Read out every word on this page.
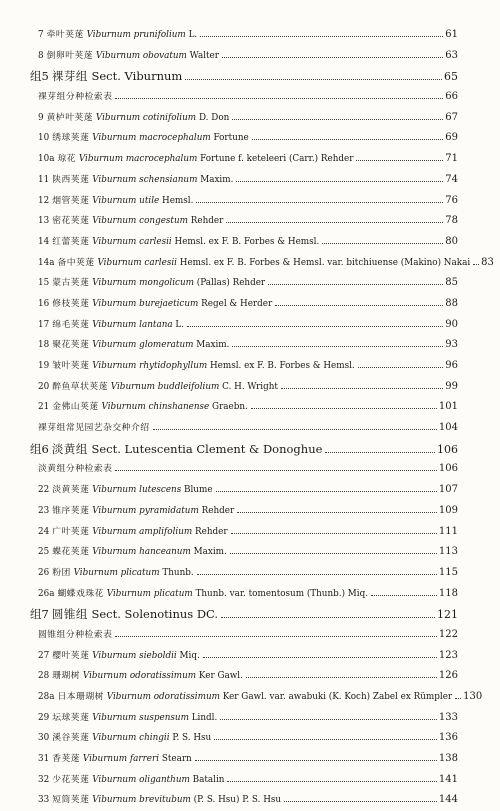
7 牵叶荚蒾 Viburnum prunifolium L.	61
8 倒卵叶荚蒾 Viburnum obovatum Walter	63
组5 裸芽组 Sect. Viburnum	65
裸芽组分种检索表	66
9 黄栌叶荚蒾 Viburnum cotinifolium D. Don	67
10 绣球荚蒾 Viburnum macrocephalum Fortune	69
10a 琼花 Viburnum macrocephalum Fortune f. keteleeri (Carr.) Rehder	71
11 陕西荚蒾 Viburnum schensianum Maxim.	74
12 烟管荚蒾 Viburnum utile Hemsl.	76
13 密花荚蒾 Viburnum congestum Rehder	78
14 红蕾荚蒾 Viburnum carlesii Hemsl. ex F. B. Forbes & Hemsl.	80
14a 备中荚蒾 Viburnum carlesii Hemsl. ex F. B. Forbes & Hemsl. var. bitchiuense (Makino) Nakai 83
15 蒙古荚蒾 Viburnum mongolicum (Pallas) Rehder	85
16 修枝荚蒾 Viburnum burejaeticum Regel & Herder	88
17 绵毛荚蒾 Viburnum lantana L.	90
18 聚花荚蒾 Viburnum glomeratum Maxim.	93
19 皱叶荚蒾 Viburnum rhytidophyllum Hemsl. ex F. B. Forbes & Hemsl.	96
20 醉鱼草状荚蒾 Viburnum buddleifolium C. H. Wright	99
21 金佛山荚蒾 Viburnum chinshanense Graebn.	101
裸芽组常见园艺杂交种介绍	104
组6 淡黄组 Sect. Lutescentia Clement & Donoghue	106
淡黄组分种检索表	106
22 淡黄荚蒾 Viburnum lutescens Blume	107
23 锥序荚蒾 Viburnum pyramidatum Rehder	109
24 广叶荚蒾 Viburnum amplifolium Rehder	111
25 蝶花荚蒾 Viburnum hanceanum Maxim.	113
26 粉团 Viburnum plicatum Thunb.	115
26a 蝴蝶戏珠花 Viburnum plicatum Thunb. var. tomentosum (Thunb.) Miq.	118
组7 圆锥组 Sect. Solenotinus DC.	121
圆锥组分种检索表	122
27 樱叶荚蒾 Viburnum sieboldii Miq.	123
28 珊瑚树 Viburnum odoratissimum Ker Gawl.	126
28a 日本珊瑚树 Viburnum odoratissimum Ker Gawl. var. awabuki (K. Koch) Zabel ex Rümpler 130
29 坛球荚蒾 Viburnum suspensum Lindl.	133
30 溪谷荚蒾 Viburnum chingii P. S. Hsu	136
31 香荚蒾 Viburnum farreri Stearn	138
32 少花荚蒾 Viburnum oliganthum Batalin	141
33 短筒荚蒾 Viburnum brevitubum (P. S. Hsu) P. S. Hsu	144
